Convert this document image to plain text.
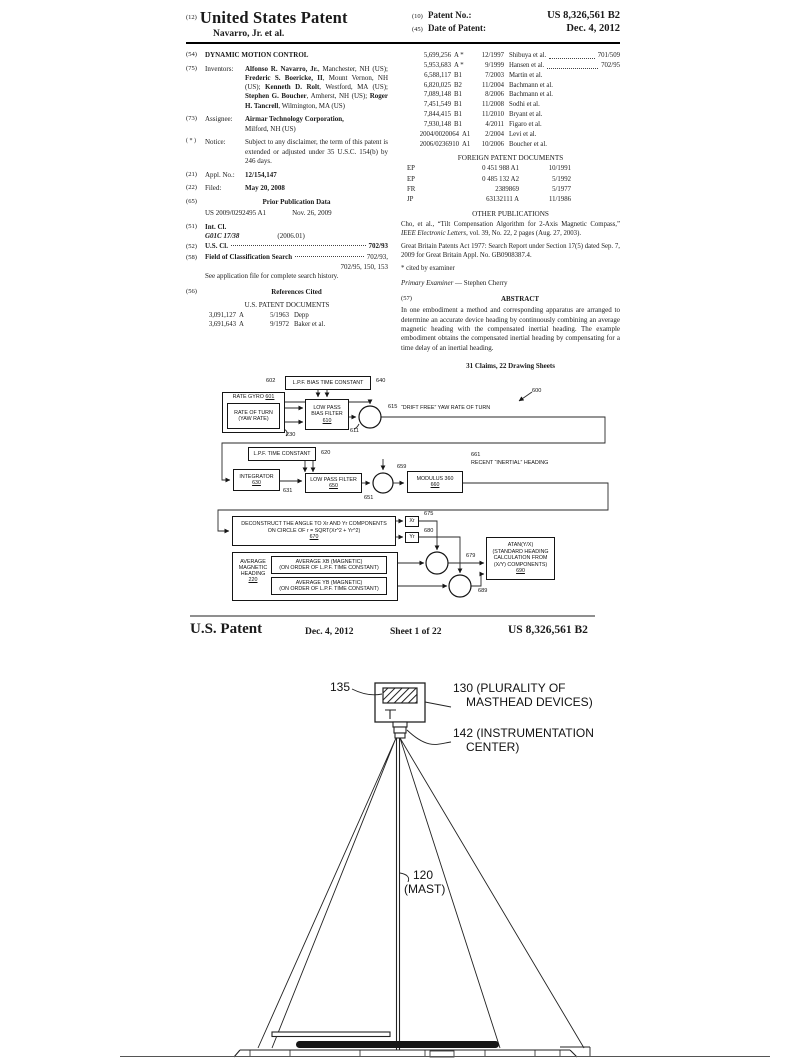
(12) United States Patent
Navarro, Jr. et al.
(10) Patent No.:	US 8,326,561 B2
(45) Date of Patent:	Dec. 4, 2012
(54)	DYNAMIC MOTION CONTROL
(75)	Inventors:	Alfonso R. Navarro, Jr., Manchester, NH (US); Frederic S. Boericke, II, Mount Vernon, NH (US); Kenneth D. Rolt, Westford, MA (US); Stephen G. Boucher, Amherst, NH (US); Roger H. Tancrell, Wilmington, MA (US)
(73)	Assignee:	Airmar Technology Corporation,
Milford, NH (US)
( * )	Notice:	Subject to any disclaimer, the term of this patent is extended or adjusted under 35 U.S.C. 154(b) by 246 days.
(21)	Appl. No.:	12/154,147
(22)	Filed:	May 20, 2008
(65)	Prior Publication Data
US 2009/0292495 A1	Nov. 26, 2009
(51)	Int. Cl.
G01C 17/38	(2006.01)
(52)	U.S. Cl.	702/93
(58)	Field of Classification Search	702/93,
702/95, 150, 153
See application file for complete search history.
(56)	References Cited
U.S. PATENT DOCUMENTS
3,091,127 A	5/1963 Depp
3,691,643 A	9/1972 Baker et al.
5,699,256 A *	12/1997 Shibuya et al.	701/509
5,953,683 A *	9/1999 Hansen et al.	702/95
6,588,117 B1	7/2003 Martin et al.
6,820,025 B2	11/2004 Bachmann et al.
7,089,148 B1	8/2006 Bachmann et al.
7,451,549 B1	11/2008 Sodhi et al.
7,844,415 B1	11/2010 Bryant et al.
7,930,148 B1	4/2011 Figaro et al.
2004/0020064 A1	2/2004 Levi et al.
2006/0236910 A1	10/2006 Boucher et al.
FOREIGN PATENT DOCUMENTS
EP	0 451 988 A1	10/1991
EP	0 485 132 A2	5/1992
FR	2389869	5/1977
JP	63132111 A	11/1986
OTHER PUBLICATIONS
Cho, et al., “Tilt Compensation Algorithm for 2-Axis Magnetic Compass,” IEEE Electronic Letters, vol. 39, No. 22, 2 pages (Aug. 27, 2003).
Great Britain Patents Act 1977: Search Report under Section 17(5) dated Sep. 7, 2009 for Great Britain Appl. No. GB0908387.4.
* cited by examiner
Primary Examiner — Stephen Cherry
(57)	ABSTRACT
In one embodiment a method and corresponding apparatus are arranged to determine an accurate device heading by continuously combining an average magnetic heading with the compensated inertial heading. The example embodiment obtains the compensated inertial heading by compensating for a time delay of an inertial heading.
31 Claims, 22 Drawing Sheets
L.P.F. BIAS TIME CONSTANT
602	640
RATE GYRO 601
RATE OF TURN
(YAW RATE)
230
LOW PASS
BIAS FILTER
610
611
615 “DRIFT FREE” YAW RATE OF TURN
600
L.P.F. TIME CONSTANT	620
INTEGRATOR
630
631
LOW PASS FILTER
650
651
659
MODULUS 360
660
661
RECENT “INERTIAL” HEADING
DECONSTRUCT THE ANGLE TO Xr AND Yr COMPONENTS
ON CIRCLE OF r = SQRT(Xr^2 + Yr^2)
670
Xr
Yr
675
680
AVERAGE
MAGNETIC
HEADING
220
AVERAGE XB (MAGNETIC)
(ON ORDER OF L.P.F. TIME CONSTANT)
AVERAGE YB (MAGNETIC)
(ON ORDER OF L.P.F. TIME CONSTANT)
679
689
ATAN(Y/X)
(STANDARD HEADING
CALCULATION FROM
(X/Y) COMPONENTS)
690
U.S. Patent	Dec. 4, 2012	Sheet 1 of 22	US 8,326,561 B2
135	130 (PLURALITY OF
MASTHEAD DEVICES)
142 (INSTRUMENTATION
CENTER)
120
(MAST)
